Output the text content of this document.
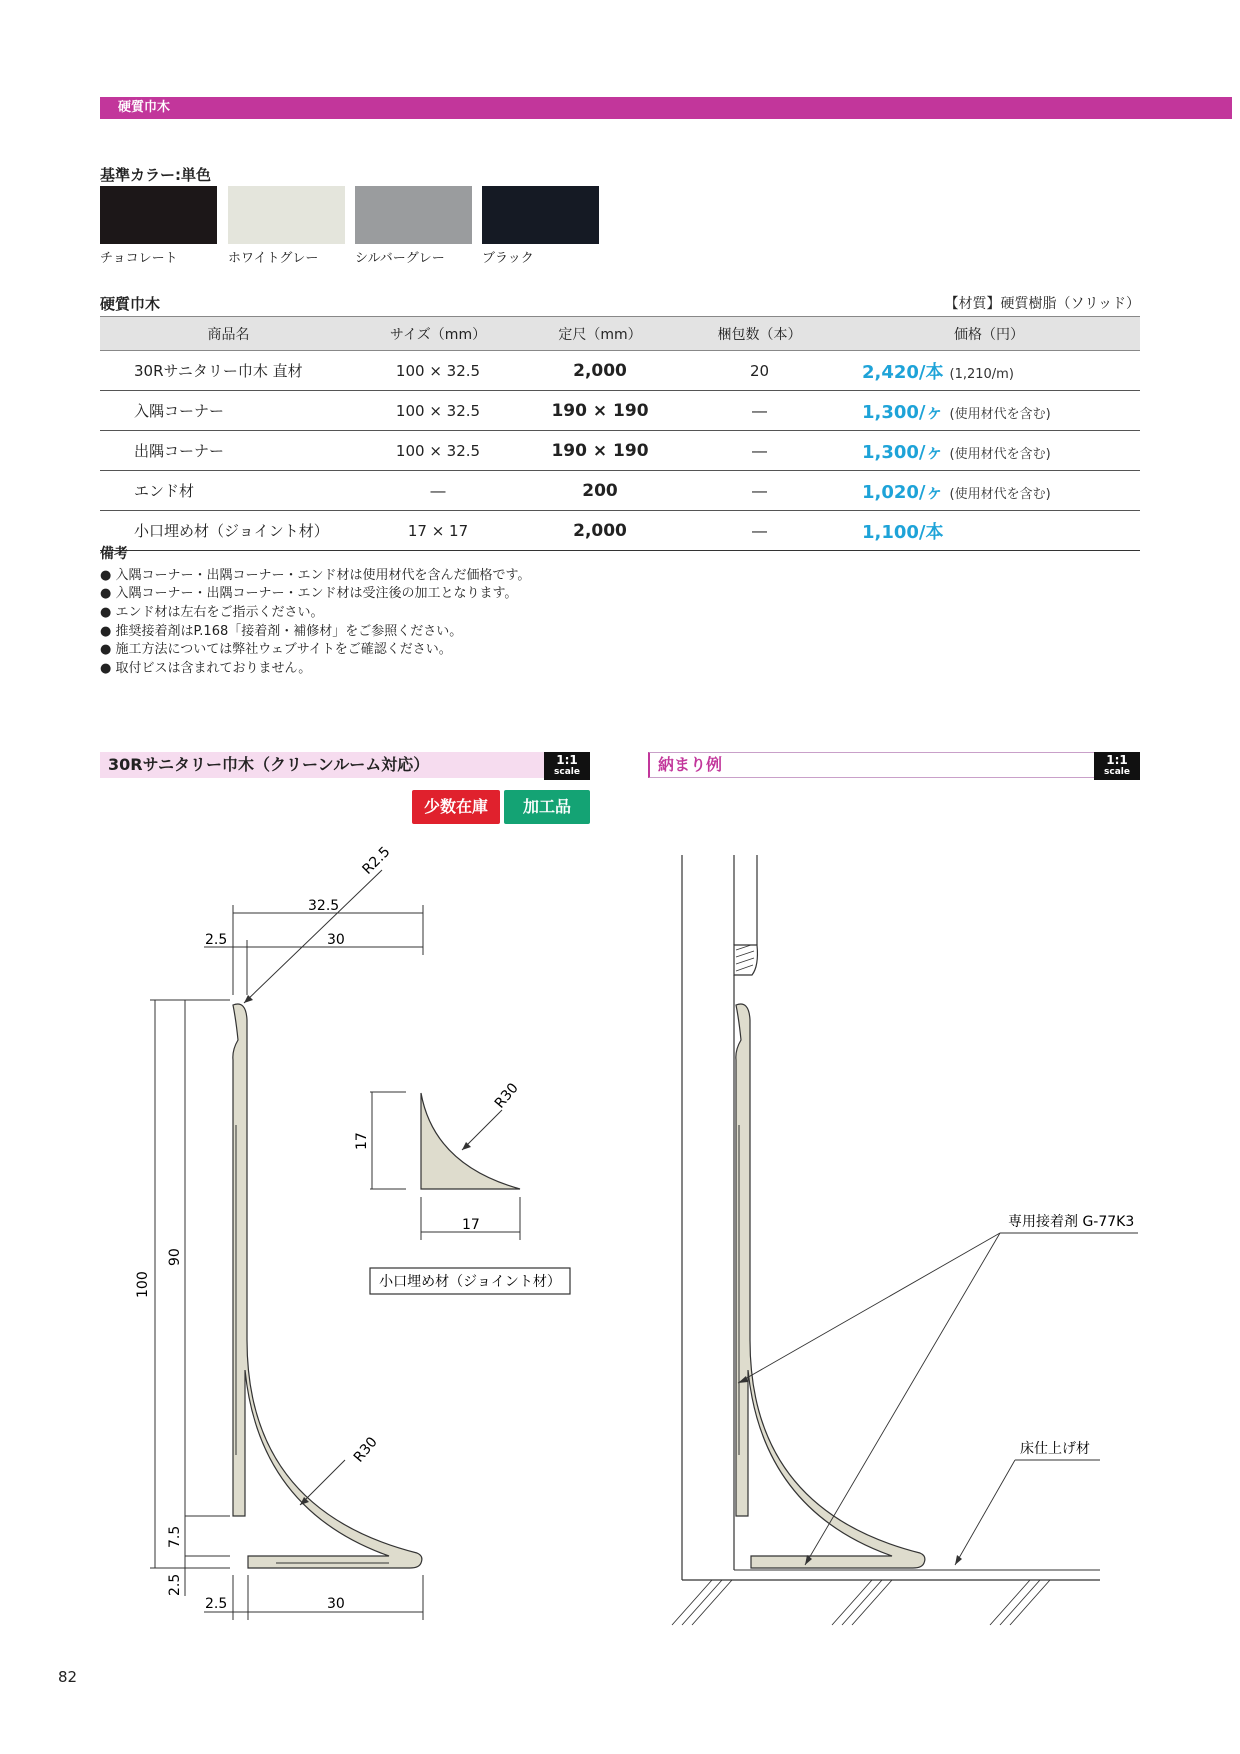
硬質巾木
基準カラー:単色
チョコレート	ホワイトグレー	シルバーグレー	ブラック
硬質巾木	【材質】硬質樹脂（ソリッド）
商品名	サイズ（mm）	定尺（mm）	梱包数（本）	価格（円）
30Rサニタリー巾木 直材	100 × 32.5	2,000	20	2,420/本 (1,210/m)
入隅コーナー	100 × 32.5	190 × 190	―	1,300/ヶ (使用材代を含む)
出隅コーナー	100 × 32.5	190 × 190	―	1,300/ヶ (使用材代を含む)
エンド材	―	200	―	1,020/ヶ (使用材代を含む)
小口埋め材（ジョイント材）	17 × 17	2,000	―	1,100/本
備考
● 入隅コーナー・出隅コーナー・エンド材は使用材代を含んだ価格です。
● 入隅コーナー・出隅コーナー・エンド材は受注後の加工となります。
● エンド材は左右をご指示ください。
● 推奨接着剤はP.168「接着剤・補修材」をご参照ください。
● 施工方法については弊社ウェブサイトをご確認ください。
● 取付ビスは含まれておりません。
30Rサニタリー巾木（クリーンルーム対応）	1:1
scale
少数在庫	加工品
納まり例	1:1
scale
32.5
2.5	30
R2.5
100
90
7.5
2.5
2.5	30
R30
R30
17
17
小口埋め材（ジョイント材）
専用接着剤 G-77K3
床仕上げ材
82
